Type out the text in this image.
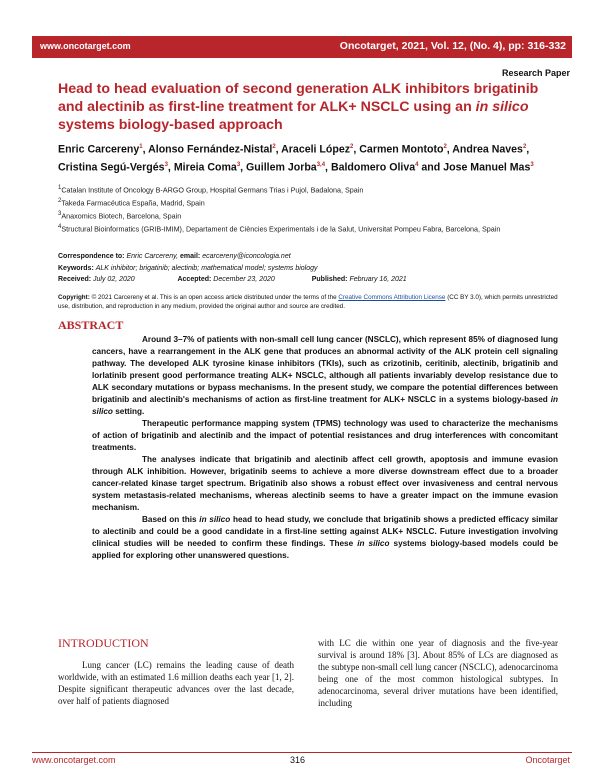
www.oncotarget.com	Oncotarget, 2021, Vol. 12, (No. 4), pp: 316-332
Research Paper
Head to head evaluation of second generation ALK inhibitors brigatinib and alectinib as first-line treatment for ALK+ NSCLC using an in silico systems biology-based approach
Enric Carcereny$^1$, Alonso Fernández-Nistal$^2$, Araceli López$^2$, Carmen Montoto$^2$, Andrea Naves$^2$, Cristina Segú-Vergés$^3$, Mireia Coma$^3$, Guillem Jorba$^{3,4}$, Baldomero Oliva$^4$ and Jose Manuel Mas$^3$
$^1$Catalan Institute of Oncology B-ARGO Group, Hospital Germans Trias i Pujol, Badalona, Spain
$^2$Takeda Farmacéutica España, Madrid, Spain
$^3$Anaxomics Biotech, Barcelona, Spain
$^4$Structural Bioinformatics (GRIB-IMIM), Departament de Ciències Experimentals i de la Salut, Universitat Pompeu Fabra, Barcelona, Spain
Correspondence to: Enric Carcereny, email: ecarcereny@iconcologia.net
Keywords: ALK inhibitor; brigatinib; alectinib; mathematical model; systems biology
Received: July 02, 2020	Accepted: December 23, 2020	Published: February 16, 2021
Copyright: © 2021 Carcereny et al. This is an open access article distributed under the terms of the Creative Commons Attribution License (CC BY 3.0), which permits unrestricted use, distribution, and reproduction in any medium, provided the original author and source are credited.
ABSTRACT

Around 3–7% of patients with non-small cell lung cancer (NSCLC), which represent 85% of diagnosed lung cancers, have a rearrangement in the ALK gene that produces an abnormal activity of the ALK protein cell signaling pathway. The developed ALK tyrosine kinase inhibitors (TKIs), such as crizotinib, ceritinib, alectinib, brigatinib and lorlatinib present good performance treating ALK+ NSCLC, although all patients invariably develop resistance due to ALK secondary mutations or bypass mechanisms. In the present study, we compare the potential differences between brigatinib and alectinib's mechanisms of action as first-line treatment for ALK+ NSCLC in a systems biology-based in silico setting.

Therapeutic performance mapping system (TPMS) technology was used to characterize the mechanisms of action of brigatinib and alectinib and the impact of potential resistances and drug interferences with concomitant treatments.

The analyses indicate that brigatinib and alectinib affect cell growth, apoptosis and immune evasion through ALK inhibition. However, brigatinib seems to achieve a more diverse downstream effect due to a broader cancer-related kinase target spectrum. Brigatinib also shows a robust effect over invasiveness and central nervous system metastasis-related mechanisms, whereas alectinib seems to have a greater impact on the immune evasion mechanism.

Based on this in silico head to head study, we conclude that brigatinib shows a predicted efficacy similar to alectinib and could be a good candidate in a first-line setting against ALK+ NSCLC. Future investigation involving clinical studies will be needed to confirm these findings. These in silico systems biology-based models could be applied for exploring other unanswered questions.

INTRODUCTION
Lung cancer (LC) remains the leading cause of death worldwide, with an estimated 1.6 million deaths each year [1, 2]. Despite significant therapeutic advances over the last decade, over half of patients diagnosed
with LC die within one year of diagnosis and the five-year survival is around 18% [3]. About 85% of LCs are diagnosed as the subtype non-small cell lung cancer (NSCLC), adenocarcinoma being one of the most common histological subtypes. In adenocarcinoma, several driver mutations have been identified, including
www.oncotarget.com	316	Oncotarget
